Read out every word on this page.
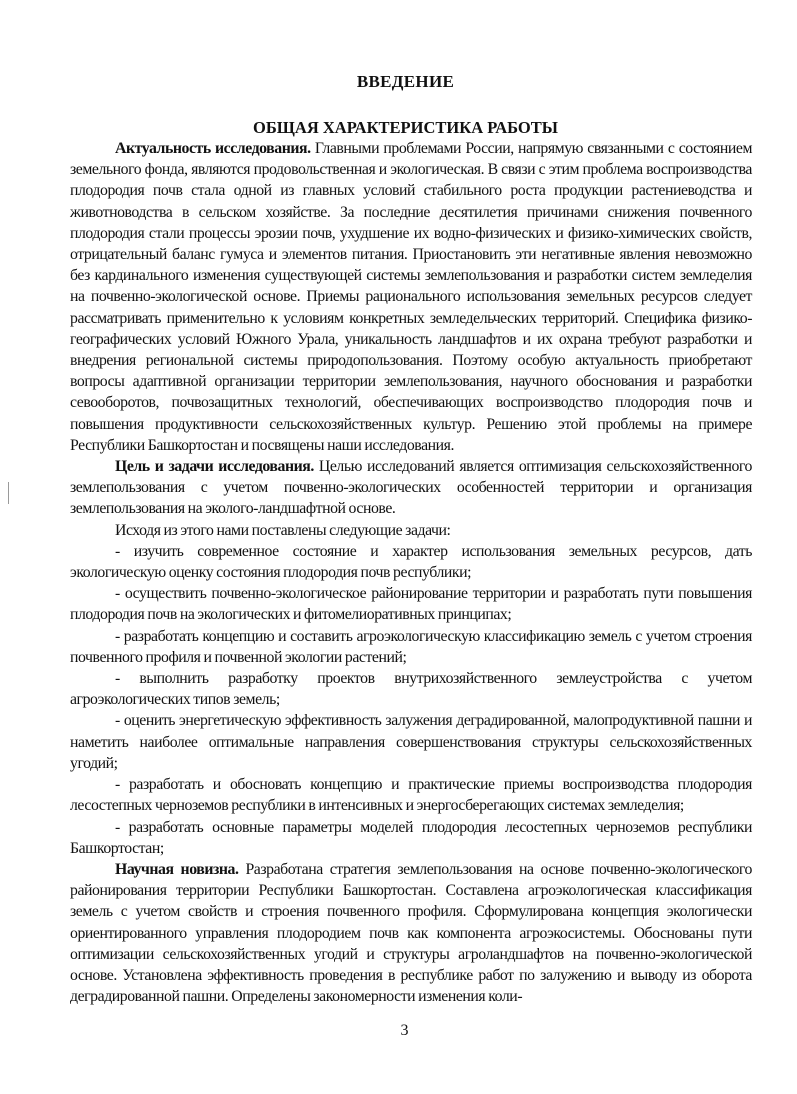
ВВЕДЕНИЕ
ОБЩАЯ ХАРАКТЕРИСТИКА РАБОТЫ

Актуальность исследования. Главными проблемами России, напрямую связанными с состоянием земельного фонда, являются продовольственная и экологическая. В связи с этим проблема воспроизводства плодородия почв стала одной из главных условий стабильного роста продукции растениеводства и животноводства в сельском хозяйстве. За последние десятилетия причинами снижения почвенного плодородия стали процессы эрозии почв, ухудшение их водно-физических и физико-химических свойств, отрицательный баланс гумуса и элементов питания. Приостановить эти негативные явления невозможно без кардинального изменения существующей системы землепользования и разработки систем земледелия на почвенно-экологической основе. Приемы рационального использования земельных ресурсов следует рассматривать применительно к условиям конкретных земледельческих территорий. Специфика физико-географических условий Южного Урала, уникальность ландшафтов и их охрана требуют разработки и внедрения региональной системы природопользования. Поэтому особую актуальность приобретают вопросы адаптивной организации территории землепользования, научного обоснования и разработки севооборотов, почвозащитных технологий, обеспечивающих воспроизводство плодородия почв и повышения продуктивности сельскохозяйственных культур. Решению этой проблемы на примере Республики Башкортостан и посвящены наши исследования.

Цель и задачи исследования. Целью исследований является оптимизация сельскохозяйственного землепользования с учетом почвенно-экологических особенностей территории и организация землепользования на эколого-ландшафтной основе.

Исходя из этого нами поставлены следующие задачи:

- изучить современное состояние и характер использования земельных ресурсов, дать экологическую оценку состояния плодородия почв республики;

- осуществить почвенно-экологическое районирование территории и разработать пути повышения плодородия почв на экологических и фитомелиоративных принципах;

- разработать концепцию и составить агроэкологическую классификацию земель с учетом строения почвенного профиля и почвенной экологии растений;

- выполнить разработку проектов внутрихозяйственного землеустройства с учетом агроэкологических типов земель;

- оценить энергетическую эффективность залужения деградированной, малопродуктивной пашни и наметить наиболее оптимальные направления совершенствования структуры сельскохозяйственных угодий;

- разработать и обосновать концепцию и практические приемы воспроизводства плодородия лесостепных черноземов республики в интенсивных и энергосберегающих системах земледелия;

- разработать основные параметры моделей плодородия лесостепных черноземов республики Башкортостан;

Научная новизна. Разработана стратегия землепользования на основе почвенно-экологического районирования территории Республики Башкортостан. Составлена агроэкологическая классификация земель с учетом свойств и строения почвенного профиля. Сформулирована концепция экологически ориентированного управления плодородием почв как компонента агроэкосистемы. Обоснованы пути оптимизации сельскохозяйственных угодий и структуры агроландшафтов на почвенно-экологической основе. Установлена эффективность проведения в республике работ по залужению и выводу из оборота деградированной пашни. Определены закономерности изменения коли-

3
